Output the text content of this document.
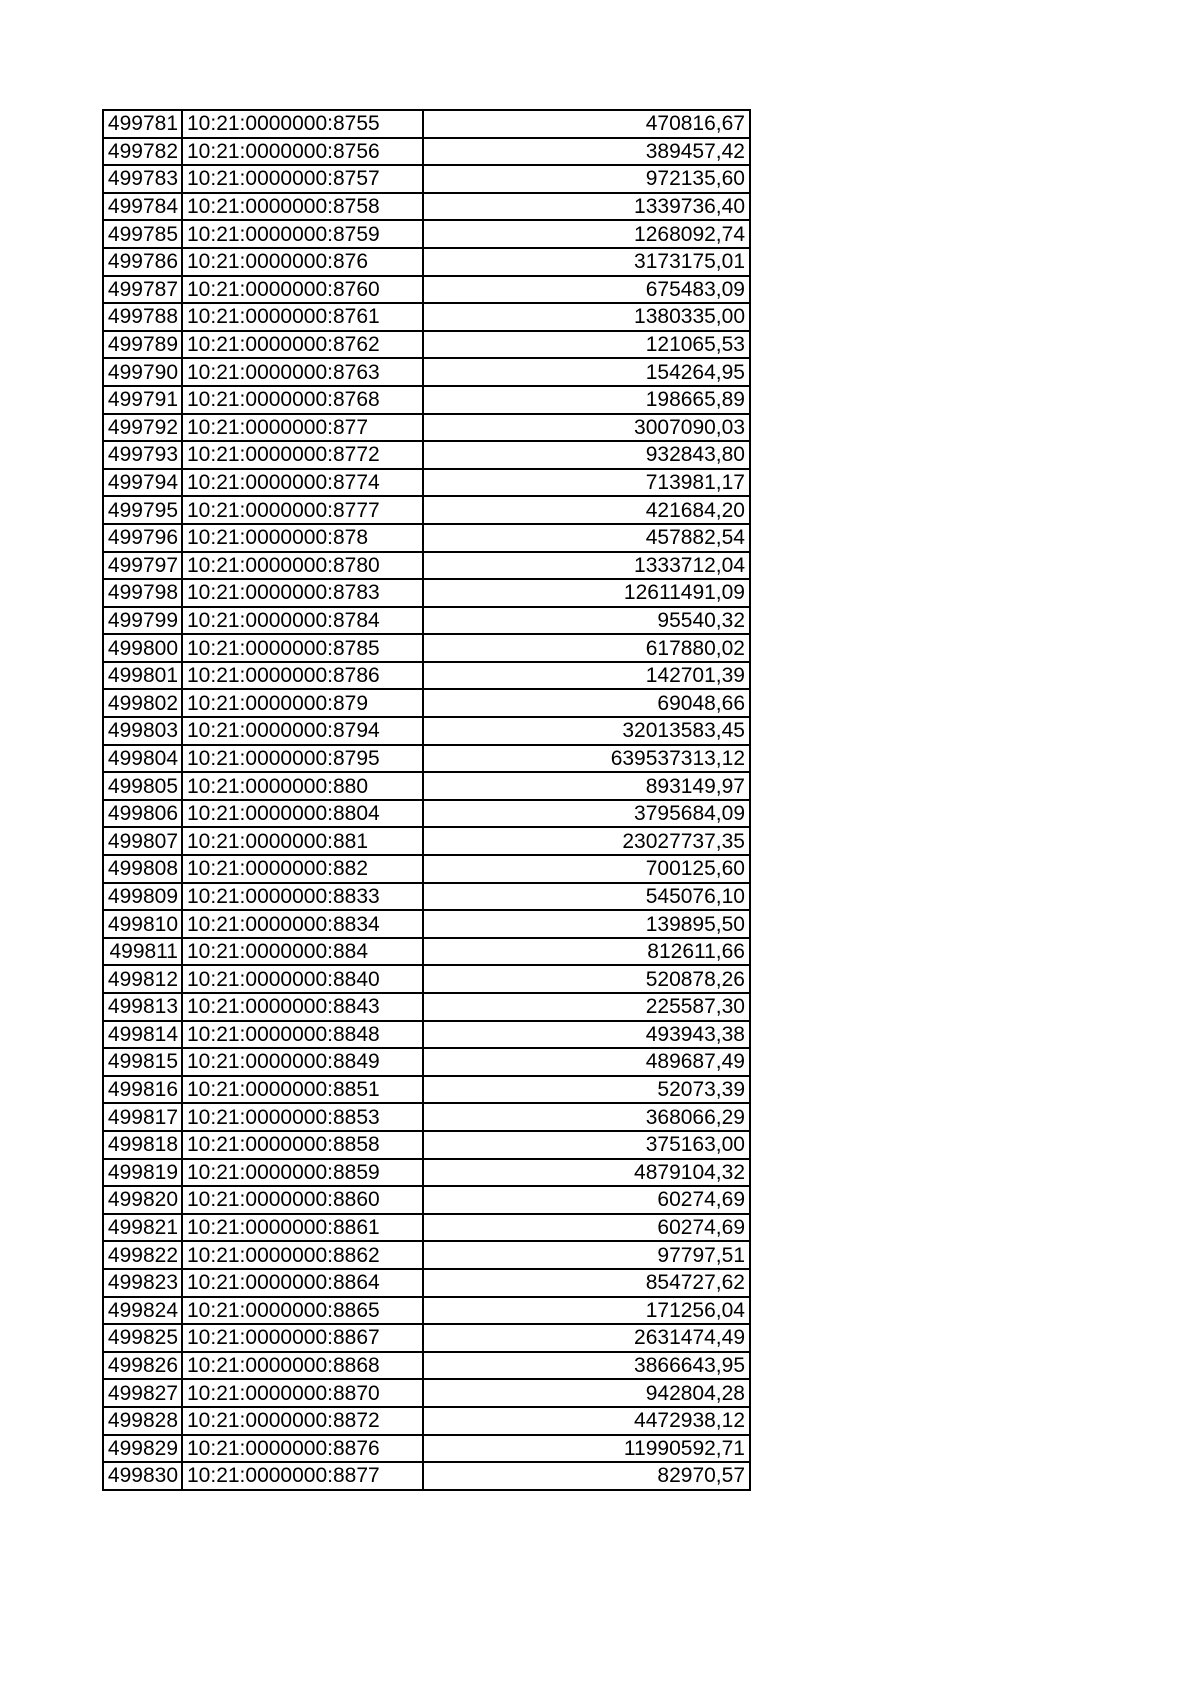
499781	10:21:0000000:8755	470816,67
499782	10:21:0000000:8756	389457,42
499783	10:21:0000000:8757	972135,60
499784	10:21:0000000:8758	1339736,40
499785	10:21:0000000:8759	1268092,74
499786	10:21:0000000:876	3173175,01
499787	10:21:0000000:8760	675483,09
499788	10:21:0000000:8761	1380335,00
499789	10:21:0000000:8762	121065,53
499790	10:21:0000000:8763	154264,95
499791	10:21:0000000:8768	198665,89
499792	10:21:0000000:877	3007090,03
499793	10:21:0000000:8772	932843,80
499794	10:21:0000000:8774	713981,17
499795	10:21:0000000:8777	421684,20
499796	10:21:0000000:878	457882,54
499797	10:21:0000000:8780	1333712,04
499798	10:21:0000000:8783	12611491,09
499799	10:21:0000000:8784	95540,32
499800	10:21:0000000:8785	617880,02
499801	10:21:0000000:8786	142701,39
499802	10:21:0000000:879	69048,66
499803	10:21:0000000:8794	32013583,45
499804	10:21:0000000:8795	639537313,12
499805	10:21:0000000:880	893149,97
499806	10:21:0000000:8804	3795684,09
499807	10:21:0000000:881	23027737,35
499808	10:21:0000000:882	700125,60
499809	10:21:0000000:8833	545076,10
499810	10:21:0000000:8834	139895,50
499811	10:21:0000000:884	812611,66
499812	10:21:0000000:8840	520878,26
499813	10:21:0000000:8843	225587,30
499814	10:21:0000000:8848	493943,38
499815	10:21:0000000:8849	489687,49
499816	10:21:0000000:8851	52073,39
499817	10:21:0000000:8853	368066,29
499818	10:21:0000000:8858	375163,00
499819	10:21:0000000:8859	4879104,32
499820	10:21:0000000:8860	60274,69
499821	10:21:0000000:8861	60274,69
499822	10:21:0000000:8862	97797,51
499823	10:21:0000000:8864	854727,62
499824	10:21:0000000:8865	171256,04
499825	10:21:0000000:8867	2631474,49
499826	10:21:0000000:8868	3866643,95
499827	10:21:0000000:8870	942804,28
499828	10:21:0000000:8872	4472938,12
499829	10:21:0000000:8876	11990592,71
499830	10:21:0000000:8877	82970,57
